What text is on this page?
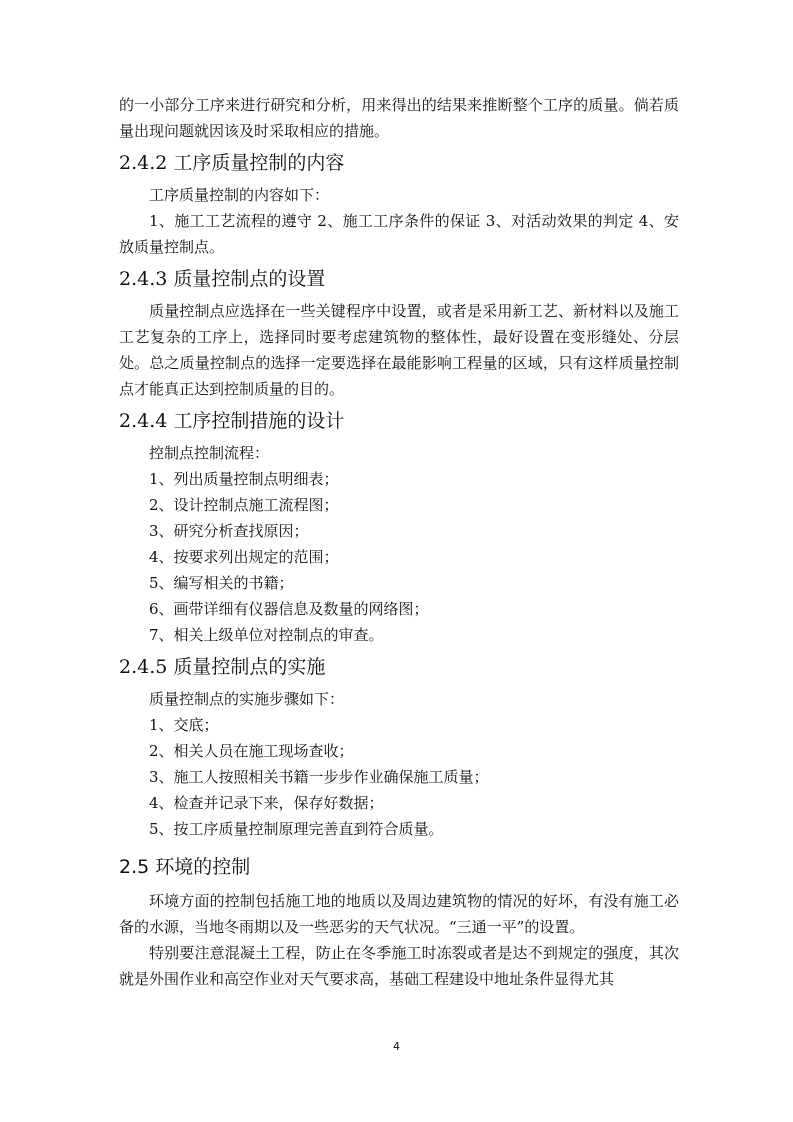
的一小部分工序来进行研究和分析，用来得出的结果来推断整个工序的质量。倘若质量出现问题就因该及时采取相应的措施。

2.4.2 工序质量控制的内容

工序质量控制的内容如下：

1、施工工艺流程的遵守 2、施工工序条件的保证 3、对活动效果的判定 4、安放质量控制点。

2.4.3 质量控制点的设置

质量控制点应选择在一些关键程序中设置，或者是采用新工艺、新材料以及施工工艺复杂的工序上，选择同时要考虑建筑物的整体性，最好设置在变形缝处、分层处。总之质量控制点的选择一定要选择在最能影响工程量的区域，只有这样质量控制点才能真正达到控制质量的目的。

2.4.4 工序控制措施的设计

控制点控制流程：

1、列出质量控制点明细表；

2、设计控制点施工流程图；

3、研究分析查找原因；

4、按要求列出规定的范围；

5、编写相关的书籍；

6、画带详细有仪器信息及数量的网络图；

7、相关上级单位对控制点的审查。

2.4.5 质量控制点的实施

质量控制点的实施步骤如下：

1、交底；

2、相关人员在施工现场查收；

3、施工人按照相关书籍一步步作业确保施工质量；

4、检查并记录下来，保存好数据；

5、按工序质量控制原理完善直到符合质量。

2.5 环境的控制

环境方面的控制包括施工地的地质以及周边建筑物的情况的好坏，有没有施工必备的水源，当地冬雨期以及一些恶劣的天气状况。“三通一平”的设置。

特别要注意混凝土工程，防止在冬季施工时冻裂或者是达不到规定的强度，其次就是外围作业和高空作业对天气要求高，基础工程建设中地址条件显得尤其

4
